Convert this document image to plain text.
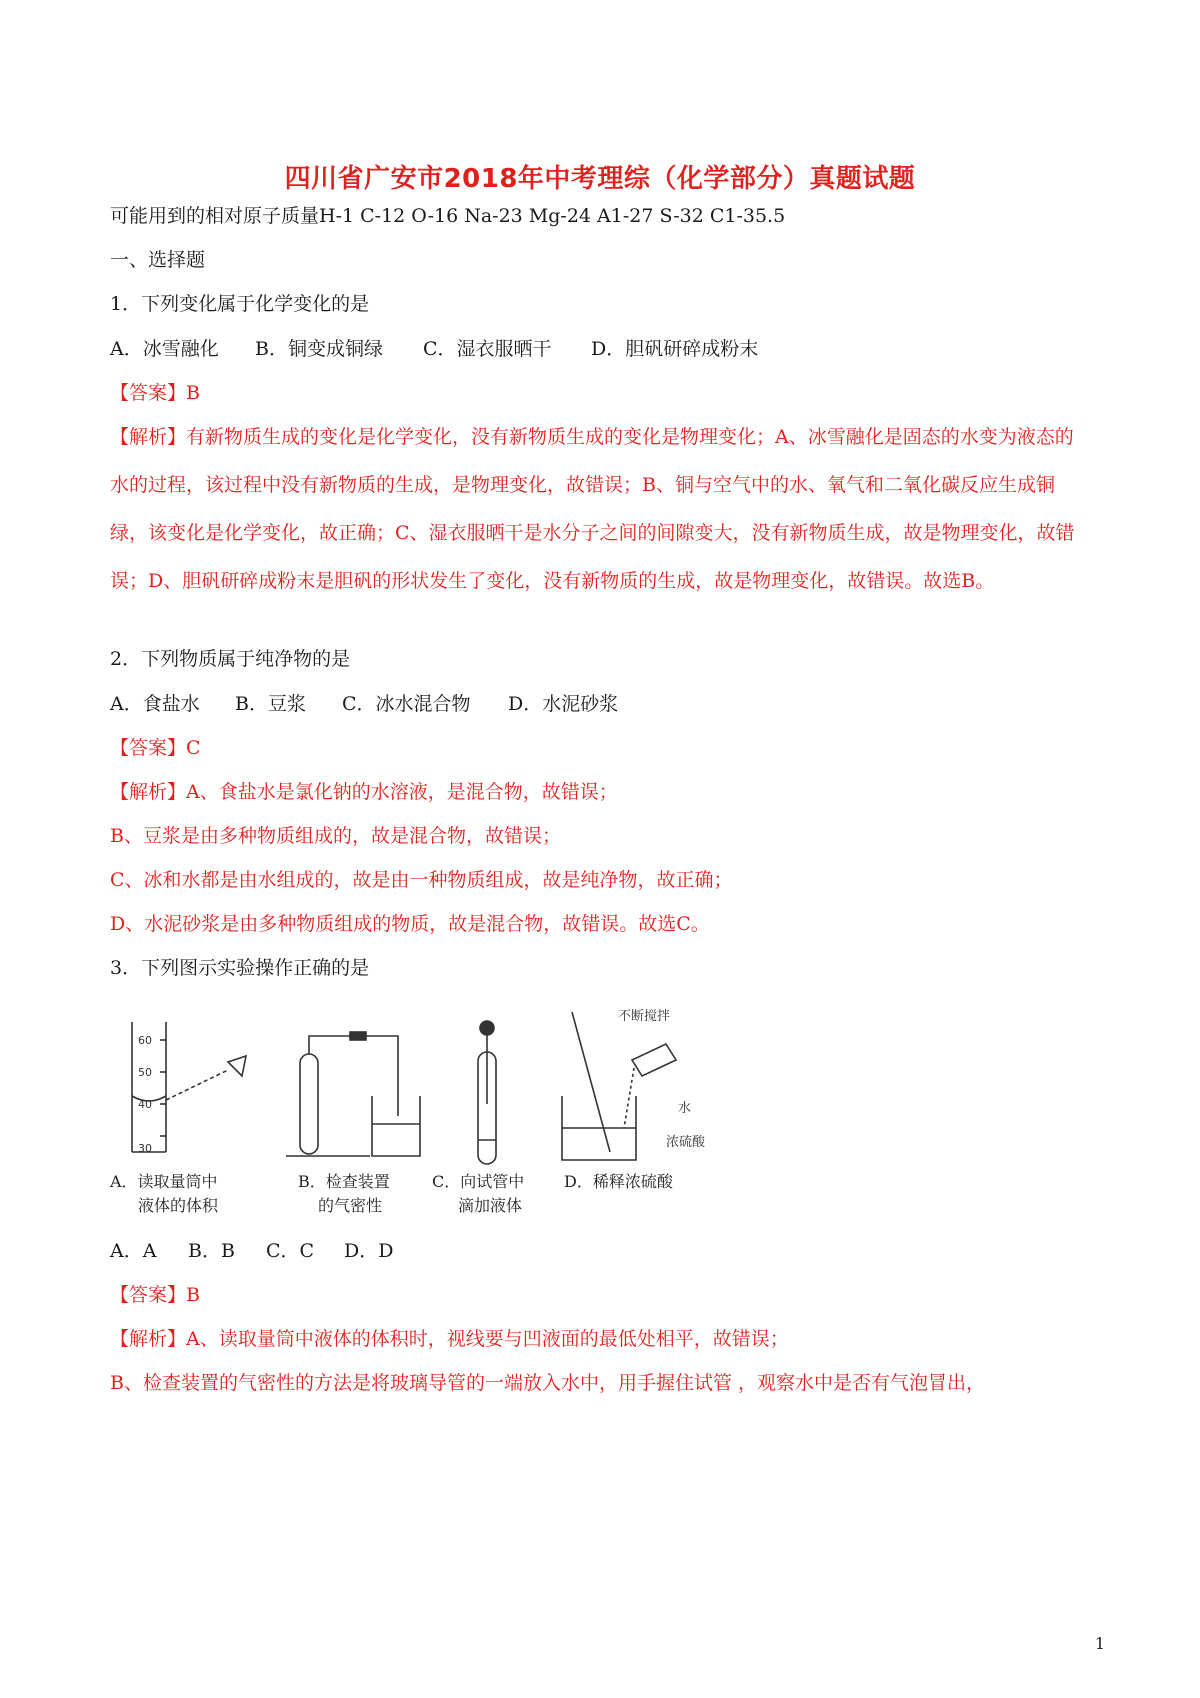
四川省广安市2018年中考理综（化学部分）真题试题
可能用到的相对原子质量H-1 C-12 O-16 Na-23 Mg-24 A1-27 S-32 C1-35.5
一、选择题
1．下列变化属于化学变化的是
A．冰雪融化 B．铜变成铜绿 C．湿衣服晒干 D．胆矾研碎成粉末
【答案】B
【解析】有新物质生成的变化是化学变化，没有新物质生成的变化是物理变化；A、冰雪融化是固态的水变为液态的水的过程，该过程中没有新物质的生成，是物理变化，故错误；B、铜与空气中的水、氧气和二氧化碳反应生成铜绿，该变化是化学变化，故正确；C、湿衣服晒干是水分子之间的间隙变大，没有新物质生成，故是物理变化，故错误；D、胆矾研碎成粉末是胆矾的形状发生了变化，没有新物质的生成，故是物理变化，故错误。故选B。
2．下列物质属于纯净物的是
A．食盐水 B．豆浆 C．冰水混合物 D．水泥砂浆
【答案】C
【解析】A、食盐水是氯化钠的水溶液，是混合物，故错误；
B、豆浆是由多种物质组成的，故是混合物，故错误；
C、冰和水都是由水组成的，故是由一种物质组成，故是纯净物，故正确；
D、水泥砂浆是由多种物质组成的物质，故是混合物，故错误。故选C。
3．下列图示实验操作正确的是
60
50
40
30
不断搅拌
水
浓硫酸
A．读取量筒中
液体的体积
B．检查装置
的气密性
C．向试管中
滴加液体
D．稀释浓硫酸
A．A B．B C．C D．D
【答案】B
【解析】A、读取量筒中液体的体积时，视线要与凹液面的最低处相平，故错误；
B、检查装置的气密性的方法是将玻璃导管的一端放入水中，用手握住试管 ，观察水中是否有气泡冒出，
1
